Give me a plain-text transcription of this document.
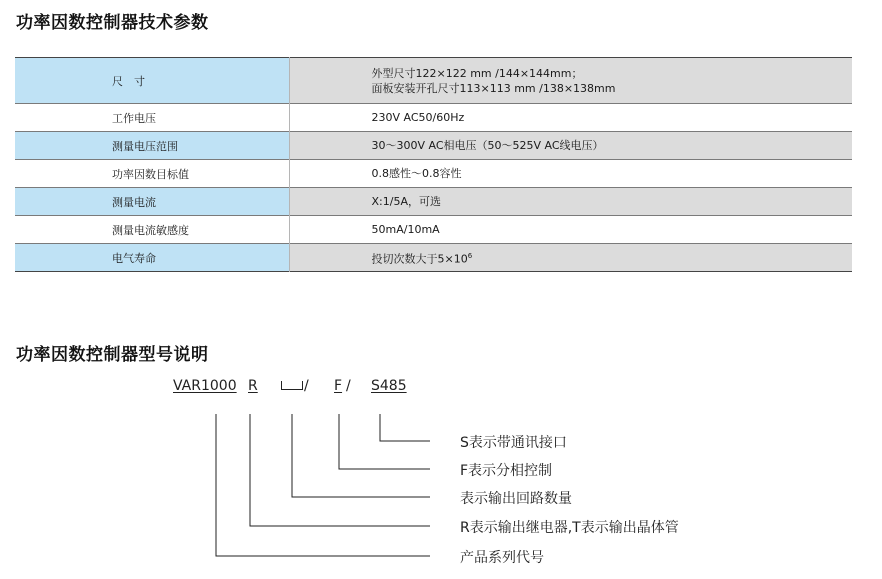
功率因数控制器技术参数
尺　寸	外型尺寸122×122 mm /144×144mm；
面板安装开孔尺寸113×113 mm /138×138mm

工作电压	230V AC50/60Hz
测量电压范围	30～300V AC相电压（50～525V AC线电压）
功率因数目标值	0.8感性～0.8容性
测量电流	X:1/5A，可选
测量电流敏感度	50mA/10mA
电气寿命	投切次数大于$5\times 10^6$
功率因数控制器型号说明
VAR1000 R	/ F / S485
S表示带通讯接口
F表示分相控制
表示输出回路数量
R表示输出继电器,T表示输出晶体管
产品系列代号
